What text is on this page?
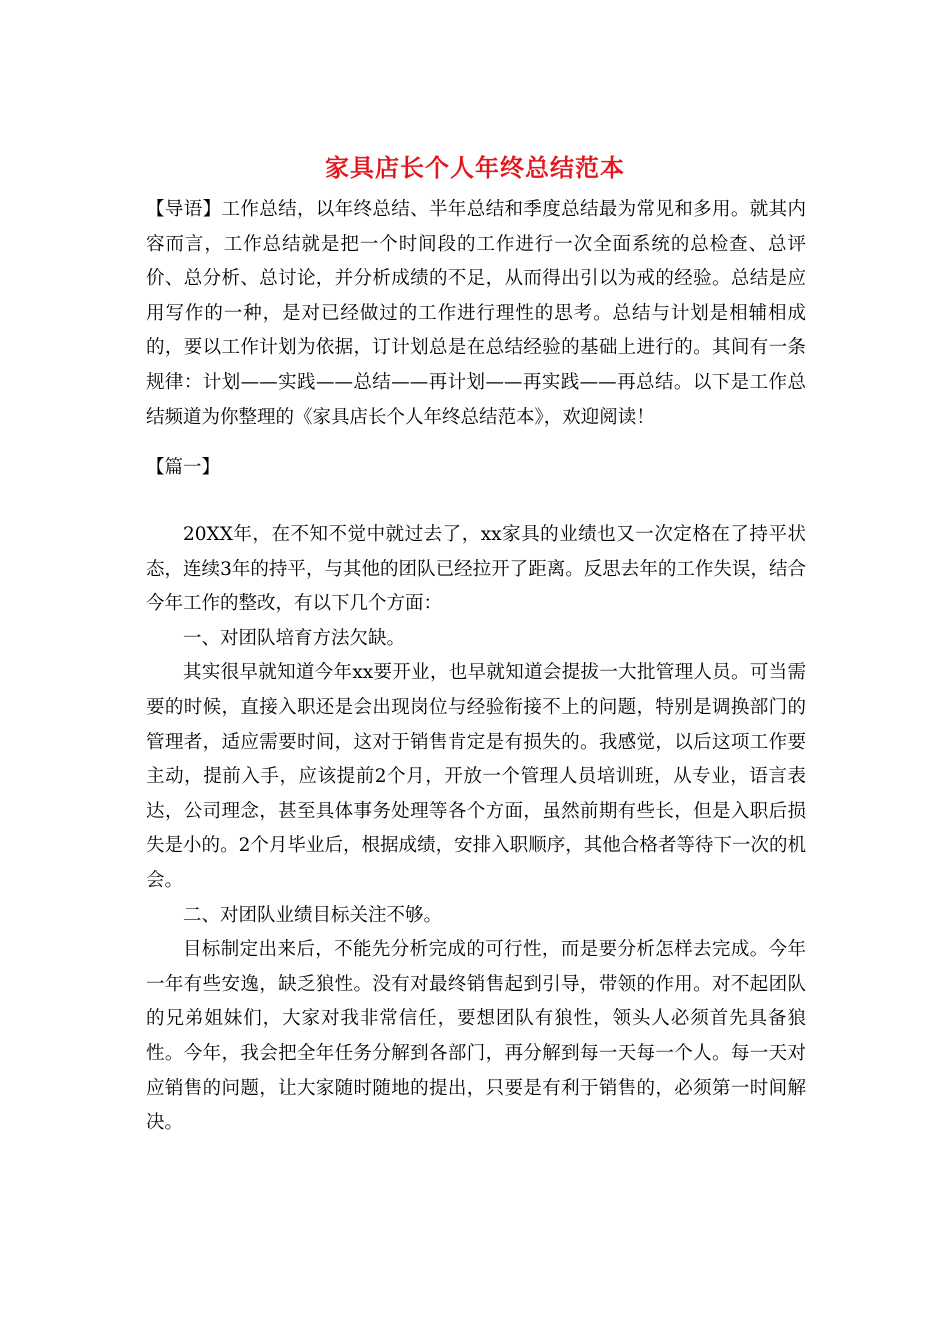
家具店长个人年终总结范本
【导语】工作总结，以年终总结、半年总结和季度总结最为常见和多用。就其内容而言，工作总结就是把一个时间段的工作进行一次全面系统的总检查、总评价、总分析、总讨论，并分析成绩的不足，从而得出引以为戒的经验。总结是应用写作的一种，是对已经做过的工作进行理性的思考。总结与计划是相辅相成的，要以工作计划为依据，订计划总是在总结经验的基础上进行的。其间有一条规律：计划——实践——总结——再计划——再实践——再总结。以下是工作总结频道为你整理的《家具店长个人年终总结范本》，欢迎阅读！
【篇一】

20XX年，在不知不觉中就过去了，xx家具的业绩也又一次定格在了持平状态，连续3年的持平，与其他的团队已经拉开了距离。反思去年的工作失误，结合今年工作的整改，有以下几个方面：

一、对团队培育方法欠缺。

其实很早就知道今年xx要开业，也早就知道会提拔一大批管理人员。可当需要的时候，直接入职还是会出现岗位与经验衔接不上的问题，特别是调换部门的管理者，适应需要时间，这对于销售肯定是有损失的。我感觉，以后这项工作要主动，提前入手，应该提前2个月，开放一个管理人员培训班，从专业，语言表达，公司理念，甚至具体事务处理等各个方面，虽然前期有些长，但是入职后损失是小的。2个月毕业后，根据成绩，安排入职顺序，其他合格者等待下一次的机会。

二、对团队业绩目标关注不够。

目标制定出来后，不能先分析完成的可行性，而是要分析怎样去完成。今年一年有些安逸，缺乏狼性。没有对最终销售起到引导，带领的作用。对不起团队的兄弟姐妹们，大家对我非常信任，要想团队有狼性，领头人必须首先具备狼性。今年，我会把全年任务分解到各部门，再分解到每一天每一个人。每一天对应销售的问题，让大家随时随地的提出，只要是有利于销售的，必须第一时间解决。
